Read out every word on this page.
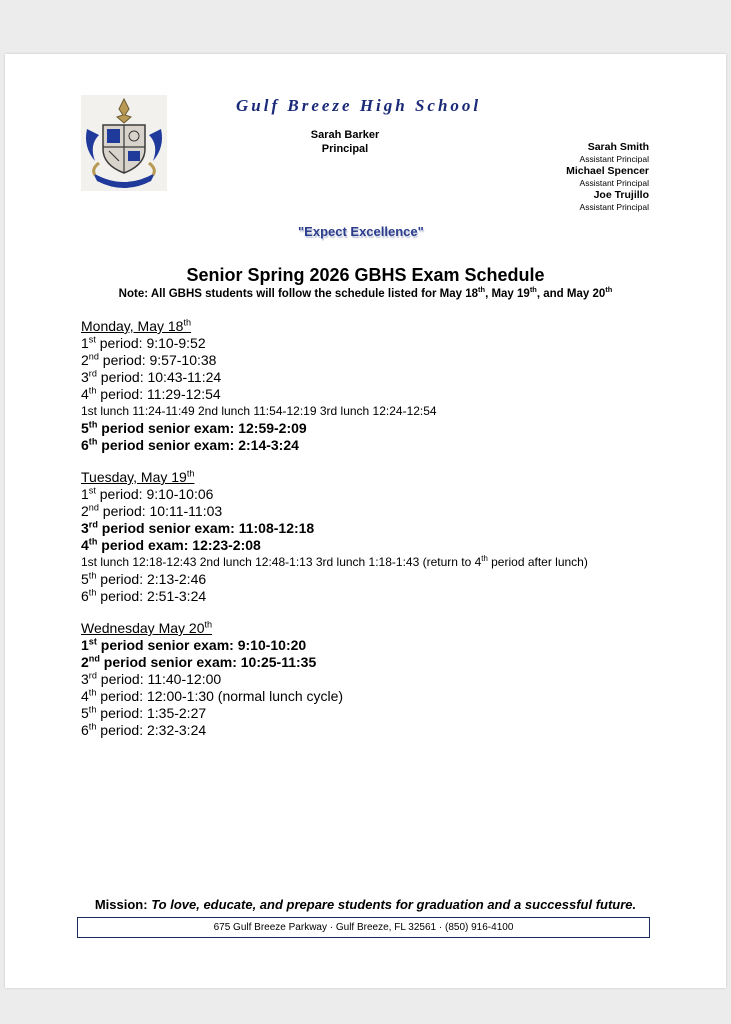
Gulf Breeze High School
Sarah Barker
Principal	Sarah Smith
Assistant Principal
Michael Spencer
Assistant Principal
Joe Trujillo
Assistant Principal
"Expect Excellence"
Senior Spring 2026 GBHS Exam Schedule
Note: All GBHS students will follow the schedule listed for May 18th, May 19th, and May 20th
Monday, May 18th
1st period: 9:10-9:52
2nd period: 9:57-10:38
3rd period: 10:43-11:24
4th period: 11:29-12:54
1st lunch 11:24-11:49 2nd lunch 11:54-12:19 3rd lunch 12:24-12:54
5th period senior exam: 12:59-2:09
6th period senior exam: 2:14-3:24
Tuesday, May 19th
1st period: 9:10-10:06
2nd period: 10:11-11:03
3rd period senior exam: 11:08-12:18
4th period exam: 12:23-2:08
1st lunch 12:18-12:43 2nd lunch 12:48-1:13 3rd lunch 1:18-1:43 (return to 4th period after lunch)
5th period: 2:13-2:46
6th period: 2:51-3:24
Wednesday May 20th
1st period senior exam: 9:10-10:20
2nd period senior exam: 10:25-11:35
3rd period: 11:40-12:00
4th period: 12:00-1:30 (normal lunch cycle)
5th period: 1:35-2:27
6th period: 2:32-3:24
Mission: To love, educate, and prepare students for graduation and a successful future.
675 Gulf Breeze Parkway · Gulf Breeze, FL 32561 · (850) 916-4100
